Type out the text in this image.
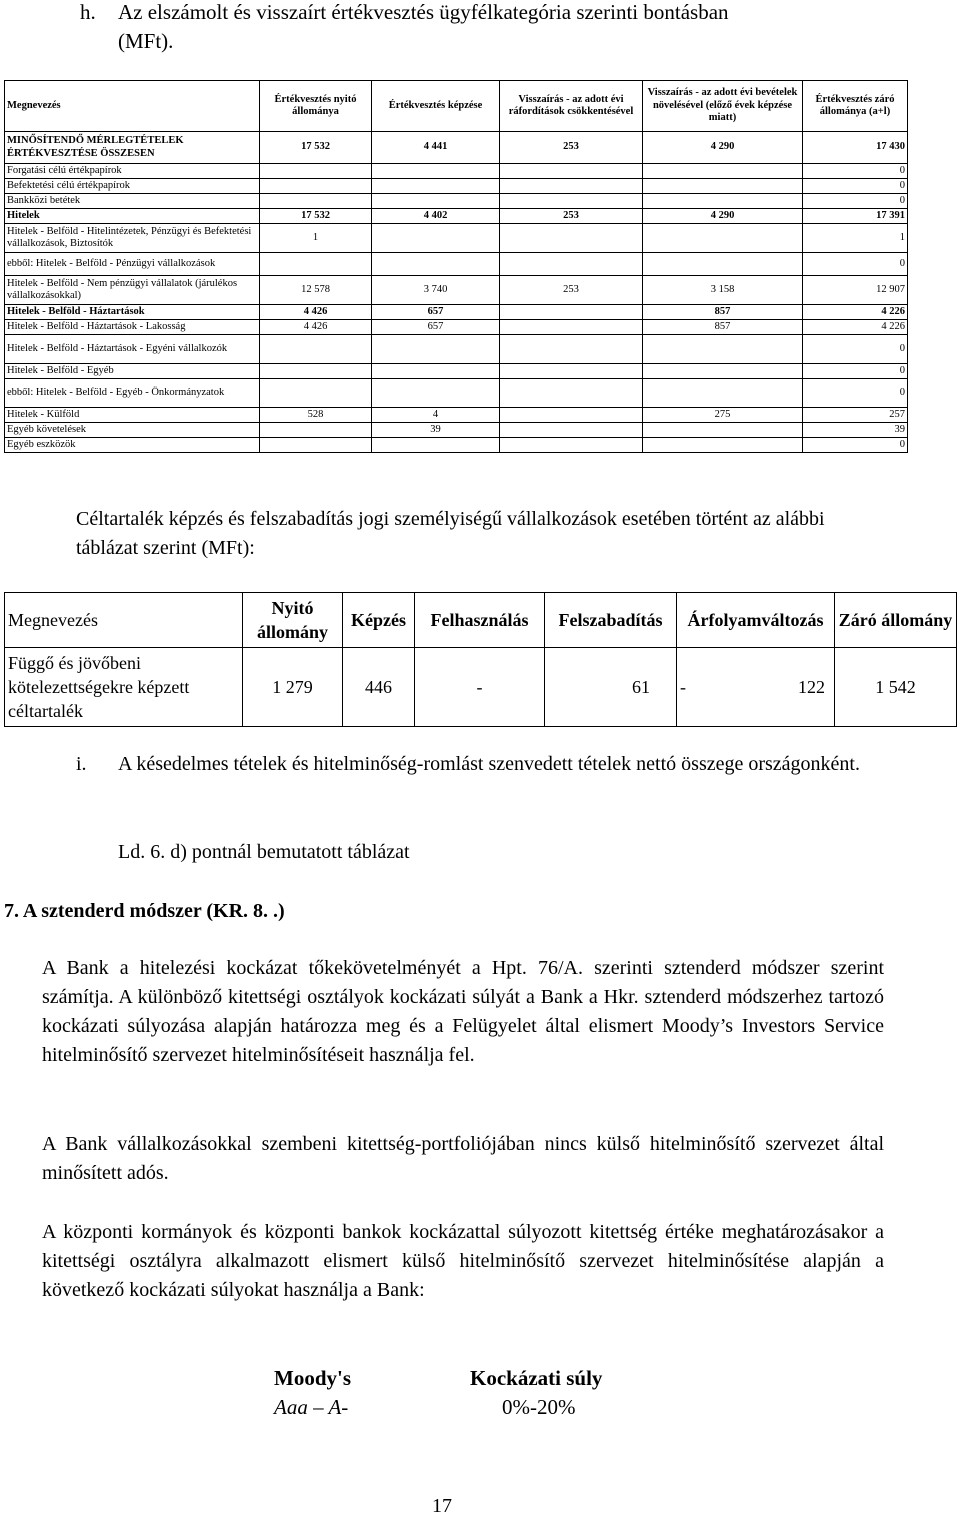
h. Az elszámolt és visszaírt értékvesztés ügyfélkategória szerinti bontásban
(MFt).
Megnevezés	Értékvesztés nyitó állománya	Értékvesztés képzése	Visszaírás - az adott évi ráfordítások csökkentésével	Visszaírás - az adott évi bevételek növelésével (előző évek képzése miatt)	Értékvesztés záró állománya (a+l)
MINŐSÍTENDŐ MÉRLEGTÉTELEK ÉRTÉKVESZTÉSE ÖSSZESEN	17 532	4 441	253	4 290	17 430
Forgatási célú értékpapírok					0
Befektetési célú értékpapírok					0
Bankközi betétek					0
Hitelek	17 532	4 402	253	4 290	17 391
Hitelek - Belföld - Hitelintézetek, Pénzügyi és Befektetési vállalkozások, Biztosítók	1				1
ebből: Hitelek - Belföld - Pénzügyi vállalkozások					0
Hitelek - Belföld - Nem pénzügyi vállalatok (járulékos vállalkozásokkal)	12 578	3 740	253	3 158	12 907
Hitelek - Belföld - Háztartások	4 426	657		857	4 226
Hitelek - Belföld - Háztartások - Lakosság	4 426	657		857	4 226
Hitelek - Belföld - Háztartások - Egyéni vállalkozók					0
Hitelek - Belföld - Egyéb					0
ebből: Hitelek - Belföld - Egyéb - Önkormányzatok					0
Hitelek - Külföld	528	4		275	257
Egyéb követelések		39			39
Egyéb eszközök					0
Céltartalék képzés és felszabadítás jogi személyiségű vállalkozások esetében történt az alábbi táblázat szerint (MFt):
Megnevezés	Nyitó állomány	Képzés	Felhasználás	Felszabadítás	Árfolyamváltozás	Záró állomány
Függő és jövőbeni kötelezettségekre képzett céltartalék	1 279	446	-	61	- 122	1 542
i. A késedelmes tételek és hitelminőség-romlást szenvedett tételek nettó összege országonként.
Ld. 6. d) pontnál bemutatott táblázat
7. A sztenderd módszer (KR. 8. .)
A Bank a hitelezési kockázat tőkekövetelményét a Hpt. 76/A. szerinti sztenderd módszer szerint számítja. A különböző kitettségi osztályok kockázati súlyát a Bank a Hkr. sztenderd módszerhez tartozó kockázati súlyozása alapján határozza meg és a Felügyelet által elismert Moody’s Investors Service hitelminősítő szervezet hitelminősítéseit használja fel.
A Bank vállalkozásokkal szembeni kitettség-portfoliójában nincs külső hitelminősítő szervezet által minősített adós.
A központi kormányok és központi bankok kockázattal súlyozott kitettség értéke meghatározásakor a kitettségi osztályra alkalmazott elismert külső hitelminősítő szervezet hitelminősítése alapján a következő kockázati súlyokat használja a Bank:
Moody's	Kockázati súly
Aaa – A-	0%-20%
17
